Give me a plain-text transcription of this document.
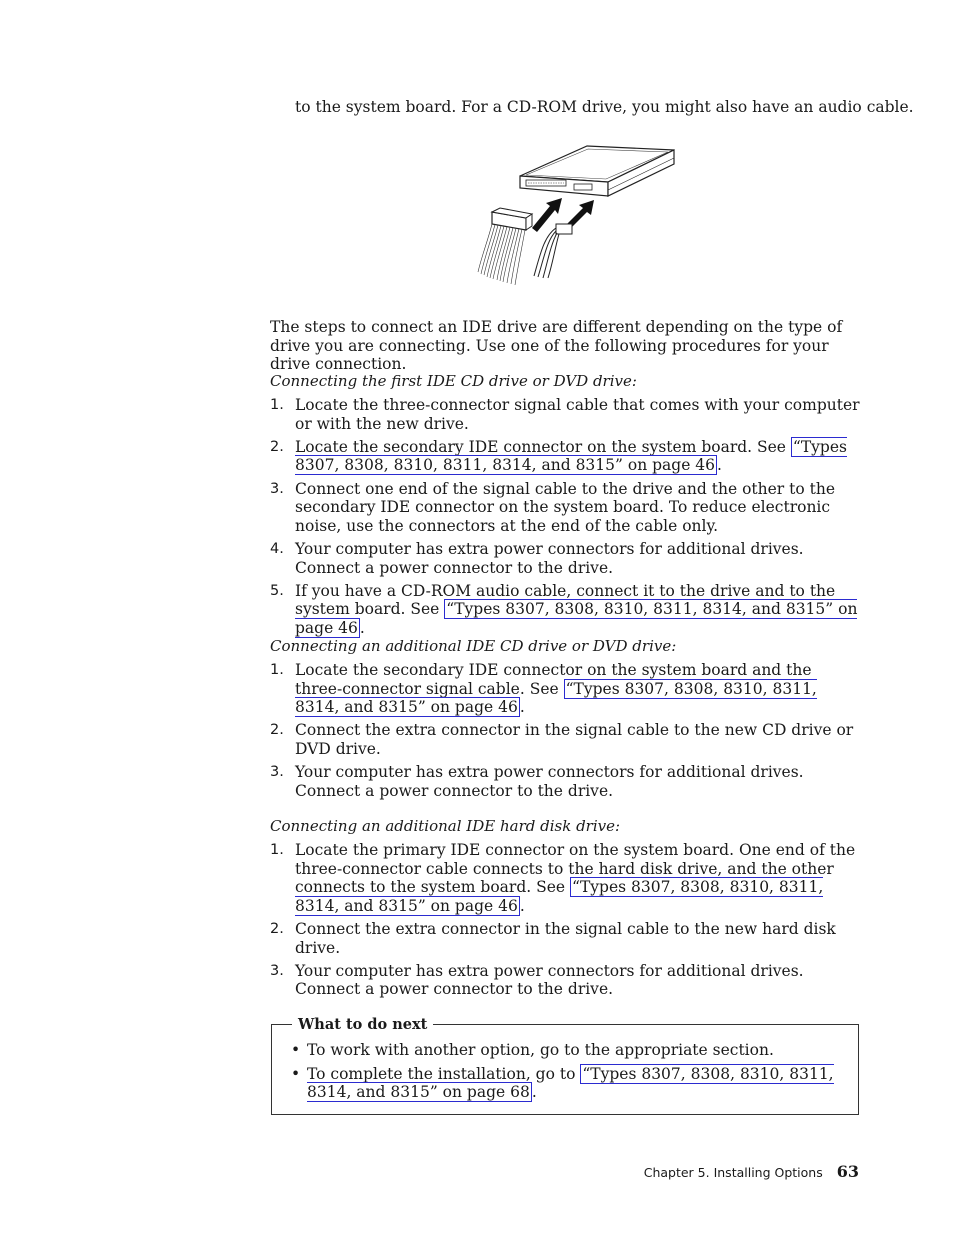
to the system board. For a CD-ROM drive, you might also have an audio cable.
The steps to connect an IDE drive are different depending on the type of drive you are connecting. Use one of the following procedures for your drive connection.
Connecting the first IDE CD drive or DVD drive:
1. Locate the three-connector signal cable that comes with your computer or with the new drive.
2. Locate the secondary IDE connector on the system board. See “Types 8307, 8308, 8310, 8311, 8314, and 8315” on page 46 .
3. Connect one end of the signal cable to the drive and the other to the secondary IDE connector on the system board. To reduce electronic noise, use the connectors at the end of the cable only.
4. Your computer has extra power connectors for additional drives. Connect a power connector to the drive.
5. If you have a CD-ROM audio cable, connect it to the drive and to the system board. See “Types 8307, 8308, 8310, 8311, 8314, and 8315” on page 46 .
Connecting an additional IDE CD drive or DVD drive:
1. Locate the secondary IDE connector on the system board and the three-connector signal cable. See “Types 8307, 8308, 8310, 8311, 8314, and 8315” on page 46 .
2. Connect the extra connector in the signal cable to the new CD drive or DVD drive.
3. Your computer has extra power connectors for additional drives. Connect a power connector to the drive.
Connecting an additional IDE hard disk drive:
1. Locate the primary IDE connector on the system board. One end of the three-connector cable connects to the hard disk drive, and the other connects to the system board. See “Types 8307, 8308, 8310, 8311, 8314, and 8315” on page 46 .
2. Connect the extra connector in the signal cable to the new hard disk drive.
3. Your computer has extra power connectors for additional drives. Connect a power connector to the drive.
What to do next
• To work with another option, go to the appropriate section.
• To complete the installation, go to “Types 8307, 8308, 8310, 8311, 8314, and 8315” on page 68 .
Chapter 5. Installing Options 63
